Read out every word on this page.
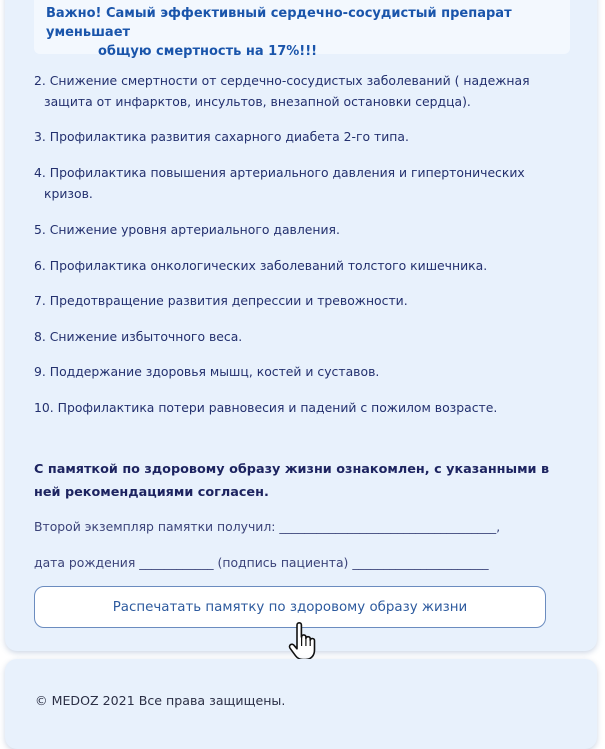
Важно! Самый эффективный сердечно-сосудистый препарат уменьшает
общую смертность на 17%!!!
2. Снижение смертности от сердечно-сосудистых заболеваний ( надежная
защита от инфарктов, инсультов, внезапной остановки сердца).
3. Профилактика развития сахарного диабета 2-го типа.
4. Профилактика повышения артериального давления и гипертонических
кризов.
5. Снижение уровня артериального давления.
6. Профилактика онкологических заболеваний толстого кишечника.
7. Предотвращение развития депрессии и тревожности.
8. Снижение избыточного веса.
9. Поддержание здоровья мышц, костей и суставов.
10. Профилактика потери равновесия и падений с пожилом возрасте.
С памяткой по здоровому образу жизни ознакомлен, с указанными в ней рекомендациями согласен.
Второй экземпляр памятки получил: ___________________________________,
дата рождения ____________ (подпись пациента) ______________________
Распечатать памятку по здоровому образу жизни
© MEDOZ 2021 Все права защищены.
